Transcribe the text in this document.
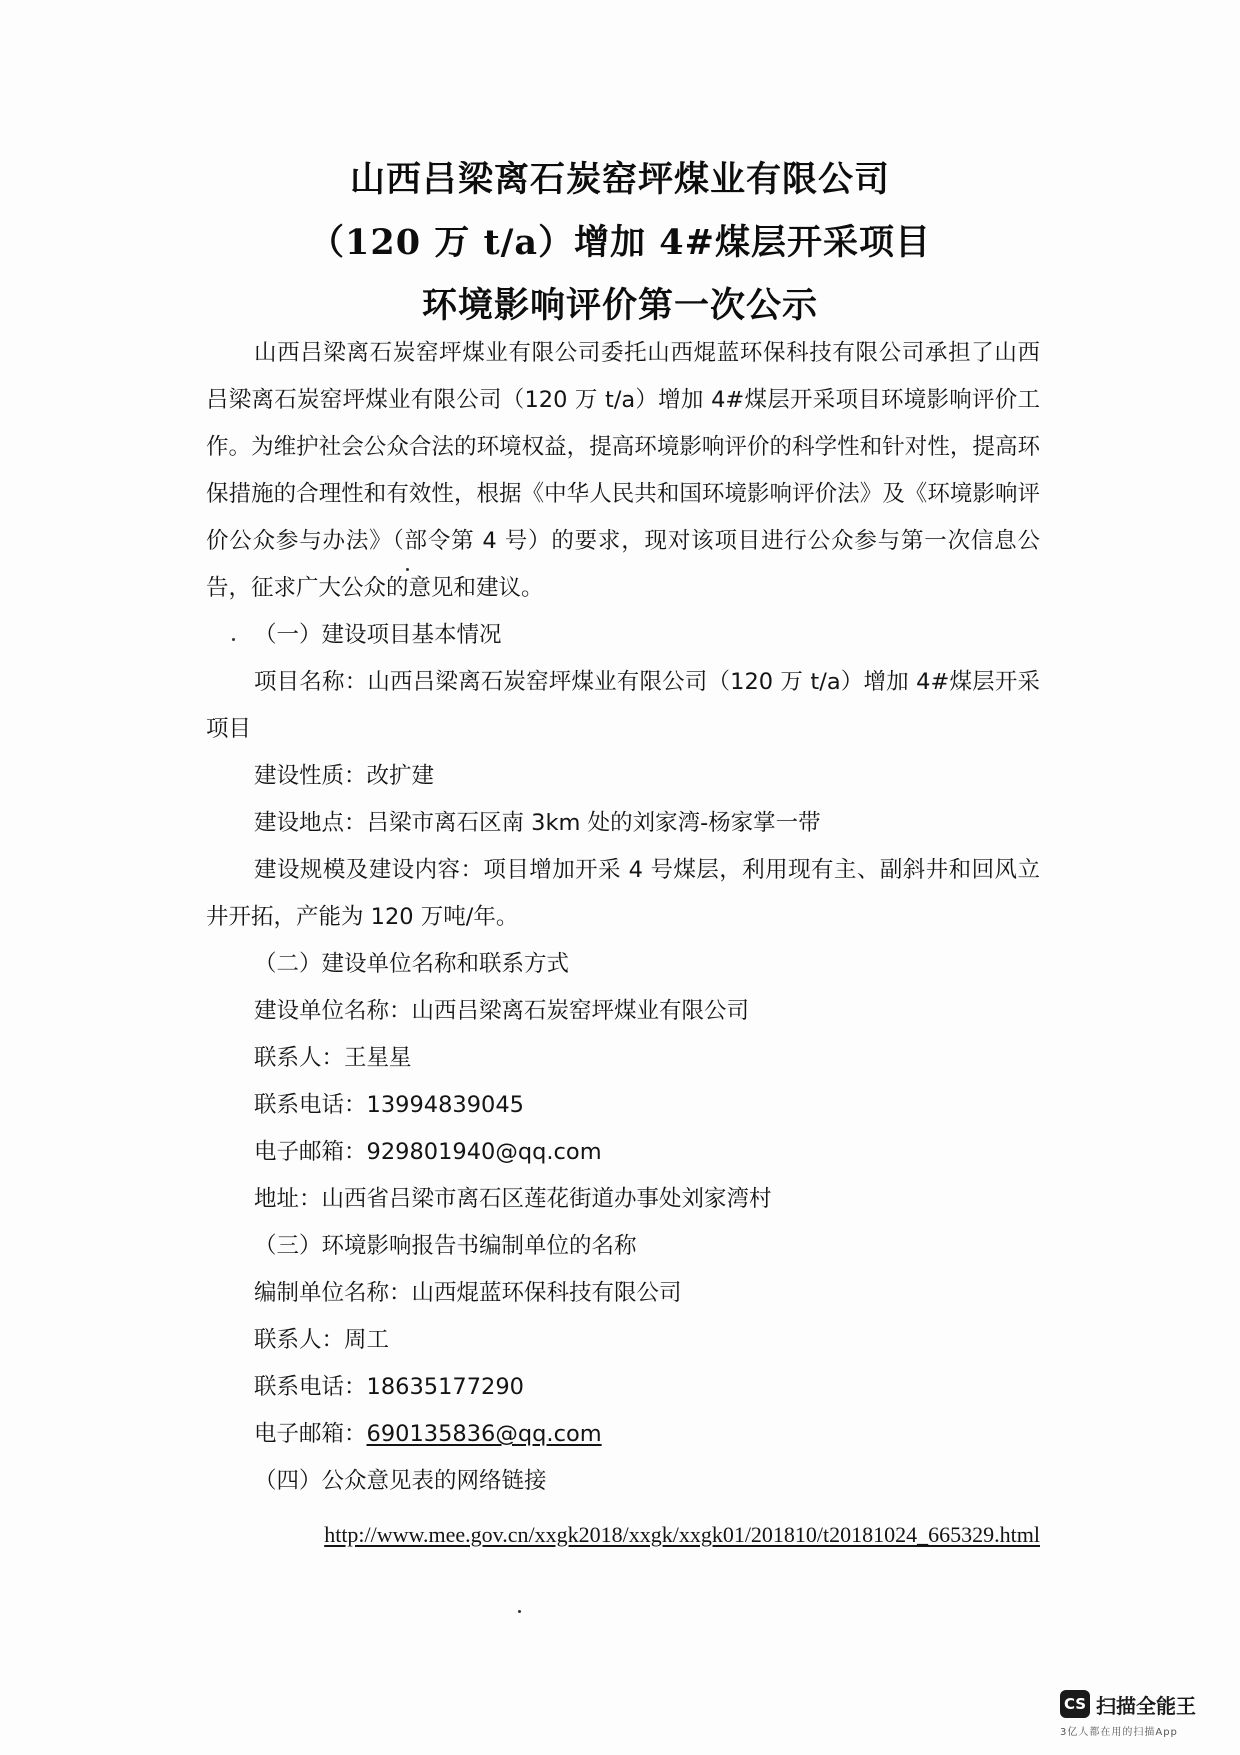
山西吕梁离石炭窑坪煤业有限公司
（120 万 t/a）增加 4#煤层开采项目
环境影响评价第一次公示

山西吕梁离石炭窑坪煤业有限公司委托山西焜蓝环保科技有限公司承担了山西吕梁离石炭窑坪煤业有限公司（120 万 t/a）增加 4#煤层开采项目环境影响评价工作。为维护社会公众合法的环境权益，提高环境影响评价的科学性和针对性，提高环保措施的合理性和有效性，根据《中华人民共和国环境影响评价法》及《环境影响评价公众参与办法》（部令第 4 号）的要求，现对该项目进行公众参与第一次信息公告，征求广大公众的意见和建议。

（一）建设项目基本情况

项目名称：山西吕梁离石炭窑坪煤业有限公司（120 万 t/a）增加 4#煤层开采项目

建设性质：改扩建

建设地点：吕梁市离石区南 3km 处的刘家湾-杨家掌一带

建设规模及建设内容：项目增加开采 4 号煤层，利用现有主、副斜井和回风立井开拓，产能为 120 万吨/年。

（二）建设单位名称和联系方式

建设单位名称：山西吕梁离石炭窑坪煤业有限公司

联系人：王星星

联系电话：13994839045

电子邮箱：929801940@qq.com

地址：山西省吕梁市离石区莲花街道办事处刘家湾村

（三）环境影响报告书编制单位的名称

编制单位名称：山西焜蓝环保科技有限公司

联系人：周工

联系电话：18635177290

电子邮箱：690135836@qq.com

（四）公众意见表的网络链接

http://www.mee.gov.cn/xxgk2018/xxgk/xxgk01/201810/t20181024_665329.html

CS 扫描全能王
3亿人都在用的扫描App
